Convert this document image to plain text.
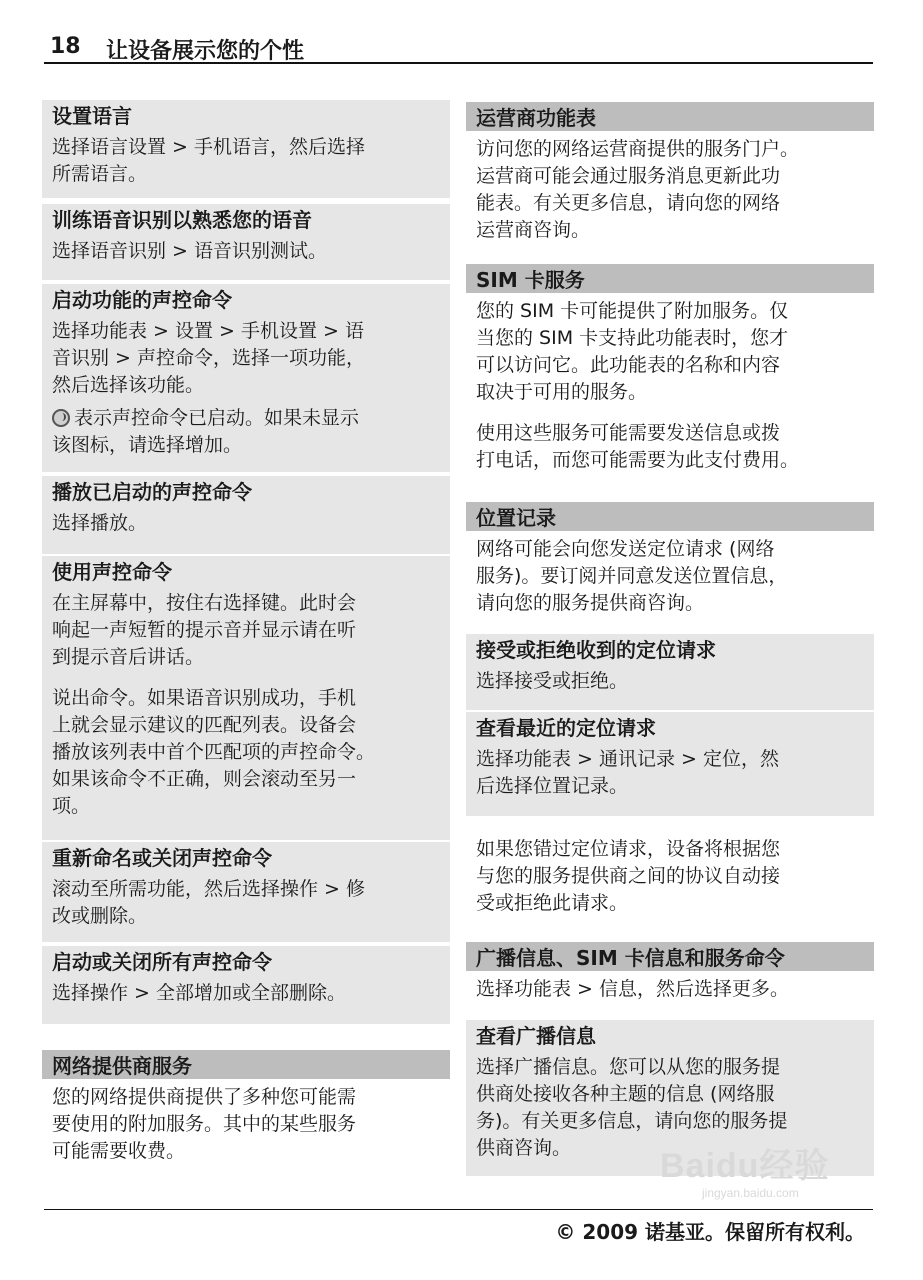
18 让设备展示您的个性
设置语言
选择语言设置 > 手机语言，然后选择
所需语言。
训练语音识别以熟悉您的语音
选择语音识别 > 语音识别测试。
启动功能的声控命令
选择功能表 > 设置 > 手机设置 > 语
音识别 > 声控命令，选择一项功能，
然后选择该功能。
表示声控命令已启动。如果未显示
该图标，请选择增加。
播放已启动的声控命令
选择播放。
使用声控命令
在主屏幕中，按住右选择键。此时会
响起一声短暂的提示音并显示请在听
到提示音后讲话。
说出命令。如果语音识别成功，手机
上就会显示建议的匹配列表。设备会
播放该列表中首个匹配项的声控命令。
如果该命令不正确，则会滚动至另一
项。
重新命名或关闭声控命令
滚动至所需功能，然后选择操作 > 修
改或删除。
启动或关闭所有声控命令
选择操作 > 全部增加或全部删除。
网络提供商服务
您的网络提供商提供了多种您可能需
要使用的附加服务。其中的某些服务
可能需要收费。
运营商功能表
访问您的网络运营商提供的服务门户。
运营商可能会通过服务消息更新此功
能表。有关更多信息，请向您的网络
运营商咨询。
SIM 卡服务
您的 SIM 卡可能提供了附加服务。仅
当您的 SIM 卡支持此功能表时，您才
可以访问它。此功能表的名称和内容
取决于可用的服务。
使用这些服务可能需要发送信息或拨
打电话，而您可能需要为此支付费用。
位置记录
网络可能会向您发送定位请求 (网络
服务)。要订阅并同意发送位置信息，
请向您的服务提供商咨询。
接受或拒绝收到的定位请求
选择接受或拒绝。
查看最近的定位请求
选择功能表 > 通讯记录 > 定位，然
后选择位置记录。
如果您错过定位请求，设备将根据您
与您的服务提供商之间的协议自动接
受或拒绝此请求。
广播信息、SIM 卡信息和服务命令
选择功能表 > 信息，然后选择更多。
查看广播信息
选择广播信息。您可以从您的服务提
供商处接收各种主题的信息 (网络服
务)。有关更多信息，请向您的服务提
供商咨询。	Baidu经验
jingyan.baidu.com
© 2009 诺基亚。保留所有权利。
